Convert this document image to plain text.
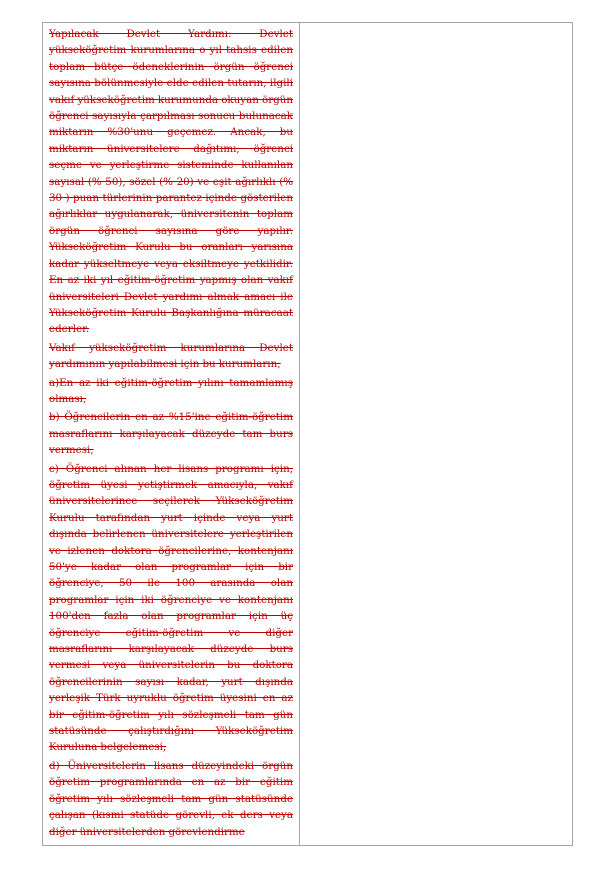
Yapılacak Devlet Yardımı: Devlet yükseköğretim kurumlarına o yıl tahsis edilen toplam bütçe ödeneklerinin örgün öğrenci sayısına bölünmesiyle elde edilen tutarın, ilgili vakıf yükseköğretim kurumunda okuyan örgün öğrenci sayısıyla çarpılması sonucu bulunacak miktarın %30'unu geçemez. Ancak, bu miktarın üniversitelere dağıtımı; öğrenci seçme ve yerleştirme sisteminde kullanılan sayısal (% 50), sözel (% 20) ve eşit ağırlıklı (% 30 ) puan türlerinin parantez içinde gösterilen ağırlıklar uygulanarak, üniversitenin toplam örgün öğrenci sayısına göre yapılır. Yükseköğretim Kurulu bu oranları yarısına kadar yükseltmeye veya eksiltmeye yetkilidir. En az iki yıl eğitim-öğretim yapmış olan vakıf üniversiteleri Devlet yardımı almak amacı ile Yükseköğretim Kurulu Başkanlığına müracaat ederler.

Vakıf yükseköğretim kurumlarına Devlet yardımının yapılabilmesi için bu kurumların;

a)En az iki eğitim-öğretim yılını tamamlamış olması,

b) Öğrencilerin en az %15'ine eğitim-öğretim masraflarını karşılayacak düzeyde tam burs vermesi,

c) Öğrenci alınan her lisans programı için, öğretim üyesi yetiştirmek amacıyla, vakıf üniversitelerince seçilerek Yükseköğretim Kurulu tarafından yurt içinde veya yurt dışında belirlenen üniversitelere yerleştirilen ve izlenen doktora öğrencilerine, kontenjanı 50'ye kadar olan programlar için bir öğrenciye, 50 ile 100 arasında olan programlar için iki öğrenciye ve kontenjanı 100'den fazla olan programlar için üç öğrenciye eğitim-öğretim ve diğer masraflarını karşılayacak düzeyde burs vermesi veya üniversitelerin bu doktora öğrencilerinin sayısı kadar, yurt dışında yerleşik Türk uyruklu öğretim üyesini en az bir eğitim-öğretim yılı sözleşmeli tam gün statüsünde çalıştırdığını Yükseköğretim Kuruluna belgelemesi,

d) Üniversitelerin lisans düzeyindeki örgün öğretim programlarında en az bir eğitim öğretim yılı sözleşmeli tam gün statüsünde çalışan (kısmi statüde görevli, ek ders veya diğer üniversitelerden görevlendirme
